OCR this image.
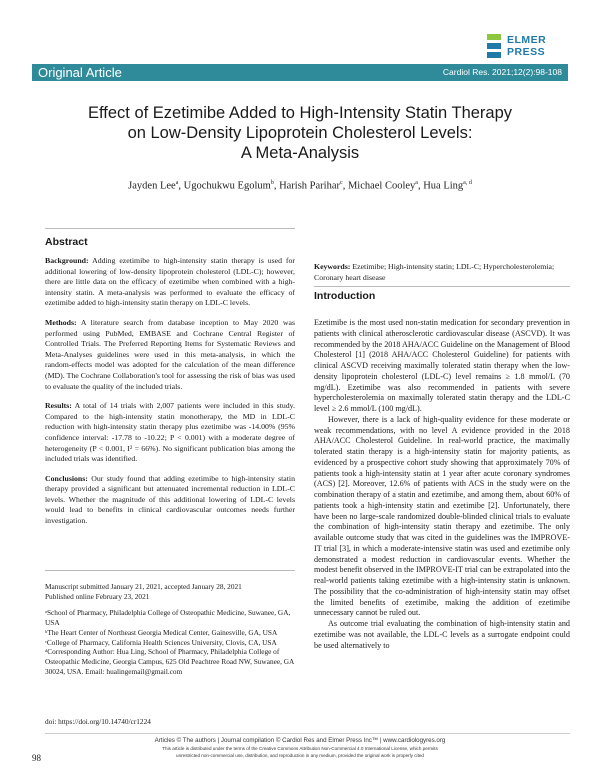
ELMER
PRESS
Original Article	Cardiol Res. 2021;12(2):98-108
Effect of Ezetimibe Added to High-Intensity Statin Therapy
on Low-Density Lipoprotein Cholesterol Levels:
A Meta-Analysis
Jayden Lee$^a$, Ugochukwu Egolum$^b$, Harish Parihar$^c$, Michael Cooley$^a$, Hua Ling$^{a, d}$
Abstract

Background: Adding ezetimibe to high-intensity statin therapy is used for additional lowering of low-density lipoprotein cholesterol (LDL-C); however, there are little data on the efficacy of ezetimibe when combined with a high-intensity statin. A meta-analysis was performed to evaluate the efficacy of ezetimibe added to high-intensity statin therapy on LDL-C levels.

Methods: A literature search from database inception to May 2020 was performed using PubMed, EMBASE and Cochrane Central Register of Controlled Trials. The Preferred Reporting Items for Systematic Reviews and Meta-Analyses guidelines were used in this meta-analysis, in which the random-effects model was adopted for the calculation of the mean difference (MD). The Cochrane Collaboration's tool for assessing the risk of bias was used to evaluate the quality of the included trials.

Results: A total of 14 trials with 2,007 patients were included in this study. Compared to the high-intensity statin monotherapy, the MD in LDL-C reduction with high-intensity statin therapy plus ezetimibe was -14.00% (95% confidence interval: -17.78 to -10.22; P < 0.001) with a moderate degree of heterogeneity (P < 0.001, I² = 66%). No significant publication bias among the included trials was identified.

Conclusions: Our study found that adding ezetimibe to high-intensity statin therapy provided a significant but attenuated incremental reduction in LDL-C levels. Whether the magnitude of this additional lowering of LDL-C levels would lead to benefits in clinical cardiovascular outcomes needs further investigation.

Keywords: Ezetimibe; High-intensity statin; LDL-C; Hypercholesterolemia; Coronary heart disease
Introduction

Ezetimibe is the most used non-statin medication for secondary prevention in patients with clinical atherosclerotic cardiovascular disease (ASCVD). It was recommended by the 2018 AHA/ACC Guideline on the Management of Blood Cholesterol [1] (2018 AHA/ACC Cholesterol Guideline) for patients with clinical ASCVD receiving maximally tolerated statin therapy when the low-density lipoprotein cholesterol (LDL-C) level remains ≥ 1.8 mmol/L (70 mg/dL). Ezetimibe was also recommended in patients with severe hypercholesterolemia on maximally tolerated statin therapy and the LDL-C level ≥ 2.6 mmol/L (100 mg/dL).

However, there is a lack of high-quality evidence for these moderate or weak recommendations, with no level A evidence provided in the 2018 AHA/ACC Cholesterol Guideline. In real-world practice, the maximally tolerated statin therapy is a high-intensity statin for majority patients, as evidenced by a prospective cohort study showing that approximately 70% of patients took a high-intensity statin at 1 year after acute coronary syndromes (ACS) [2]. Moreover, 12.6% of patients with ACS in the study were on the combination therapy of a statin and ezetimibe, and among them, about 60% of patients took a high-intensity statin and ezetimibe [2]. Unfortunately, there have been no large-scale randomized double-blinded clinical trials to evaluate the combination of high-intensity statin therapy and ezetimibe. The only available outcome study that was cited in the guidelines was the IMPROVE-IT trial [3], in which a moderate-intensive statin was used and ezetimibe only demonstrated a modest reduction in cardiovascular events. Whether the modest benefit observed in the IMPROVE-IT trial can be extrapolated into the real-world patients taking ezetimibe with a high-intensity statin is unknown. The possibility that the co-administration of high-intensity statin may offset the limited benefits of ezetimibe, making the addition of ezetimibe unnecessary cannot be ruled out.

As outcome trial evaluating the combination of high-intensity statin and ezetimibe was not available, the LDL-C levels as a surrogate endpoint could be used alternatively to

Manuscript submitted January 21, 2021, accepted January 28, 2021

Published online February 23, 2021

ᵃSchool of Pharmacy, Philadelphia College of Osteopathic Medicine, Suwanee, GA, USA

ᵇThe Heart Center of Northeast Georgia Medical Center, Gainesville, GA, USA

ᶜCollege of Pharmacy, California Health Sciences University, Clovis, CA, USA

ᵈCorresponding Author: Hua Ling, School of Pharmacy, Philadelphia College of Osteopathic Medicine, Georgia Campus, 625 Old Peachtree Road NW, Suwanee, GA 30024, USA. Email: hualingemail@gmail.com

doi: https://doi.org/10.14740/cr1224
Articles © The authors | Journal compilation © Cardiol Res and Elmer Press Inc™ | www.cardiologyres.org
This article is distributed under the terms of the Creative Commons Attribution Non-Commercial 4.0 International License, which permits
unrestricted non-commercial use, distribution, and reproduction in any medium, provided the original work is properly cited
98
